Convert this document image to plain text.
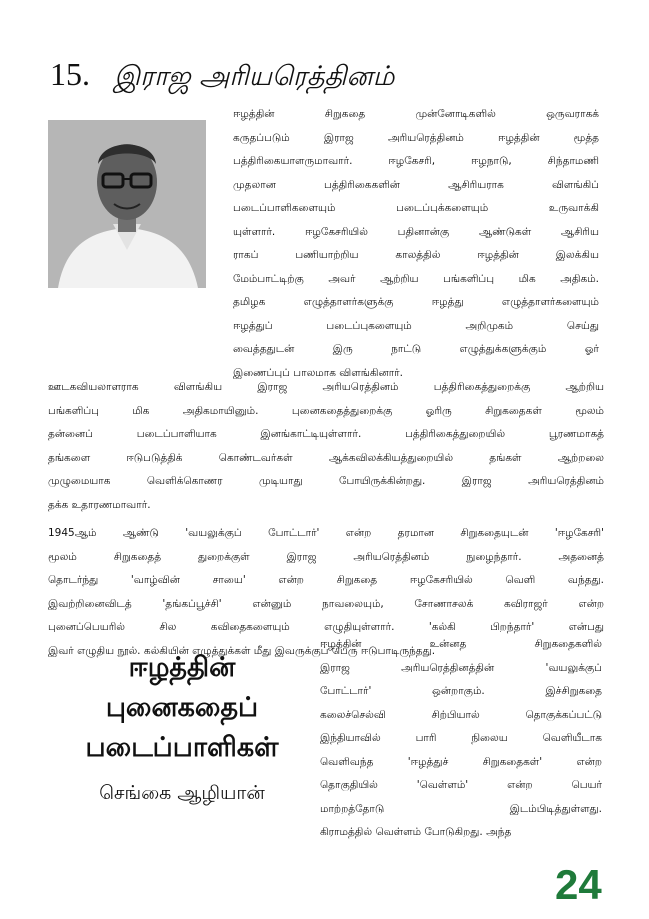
15. இராஜ அரியரெத்தினம்
ஈழத்தின் சிறுகதை முன்னோடிகளில் ஒருவராகக்
கருதப்படும் இராஜ அரியரெத்தினம் ஈழத்தின் மூத்த
பத்திரிகையாளருமாவார். ஈழகேசரி, ஈழநாடு, சிந்தாமணி
முதலான பத்திரிகைகளின் ஆசிரியராக விளங்கிப்
படைப்பாளிகளையும் படைப்புக்களையும் உருவாக்கி
யுள்ளார். ஈழகேசரியில் பதினான்கு ஆண்டுகள் ஆசிரிய
ராகப் பணியாற்றிய காலத்தில் ஈழத்தின் இலக்கிய
மேம்பாட்டிற்கு அவர் ஆற்றிய பங்களிப்பு மிக அதிகம்.
தமிழக எழுத்தாளர்களுக்கு ஈழத்து எழுத்தாளர்களையும்
ஈழத்துப் படைப்புகளையும் அறிமுகம் செய்து
வைத்ததுடன் இரு நாட்டு எழுத்துக்களுக்கும் ஓர்
இணைப்புப் பாலமாக விளங்கினார்.
ஊடகவியலாளராக விளங்கிய இராஜ அரியரெத்தினம் பத்திரிகைத்துறைக்கு ஆற்றிய
பங்களிப்பு மிக அதிகமாயினும். புனைகதைத்துறைக்கு ஓரிரு சிறுகதைகள் மூலம்
தன்னைப் படைப்பாளியாக இனங்காட்டியுள்ளார். பத்திரிகைத்துறையில் பூரணமாகத்
தங்களை ஈடுபடுத்திக் கொண்டவர்கள் ஆக்கவிலக்கியத்துறையில் தங்கள் ஆற்றலை
முழுமையாக வெளிக்கொணர முடியாது போயிருக்கின்றது. இராஜ அரியரெத்தினம்
தக்க உதாரணமாவார்.
1945ஆம் ஆண்டு 'வயலுக்குப் போட்டார்' என்ற தரமான சிறுகதையுடன் 'ஈழகேசரி'
மூலம் சிறுகதைத் துறைக்குள் இராஜ அரியரெத்தினம் நுழைந்தார். அதனைத்
தொடர்ந்து 'வாழ்வின் சாயை' என்ற சிறுகதை ஈழகேசரியில் வெளி வந்தது.
இவற்றினைவிடத் 'தங்கப்பூச்சி' என்னும் நாவலையும், சோணாசலக் கவிராஜர் என்ற
புனைப்பெயரில் சில கவிதைகளையும் எழுதியுள்ளார். 'கல்கி பிறந்தார்' என்பது
இவர் எழுதிய நூல். கல்கியின் எழுத்துக்கள் மீது இவருக்குப் பெரு ஈடுபாடிருந்தது.
ஈழத்தின் உன்னத சிறுகதைகளில்
இராஜ அரியரெத்தினத்தின் 'வயலுக்குப்
போட்டார்' ஒன்றாகும். இச்சிறுகதை
கலைச்செல்வி சிற்பியால் தொகுக்கப்பட்டு
இந்தியாவில் பாரி நிலைய வெளியீடாக
வெளிவந்த 'ஈழத்துச் சிறுகதைகள்' என்ற
தொகுதியில் 'வெள்ளம்' என்ற பெயர்
மாற்றத்தோடு இடம்பிடித்துள்ளது.
கிராமத்தில் வெள்ளம் போடுகிறது. அந்த
ஈழத்தின்
புனைகதைப்
படைப்பாளிகள்
செங்கை ஆழியான்
24
